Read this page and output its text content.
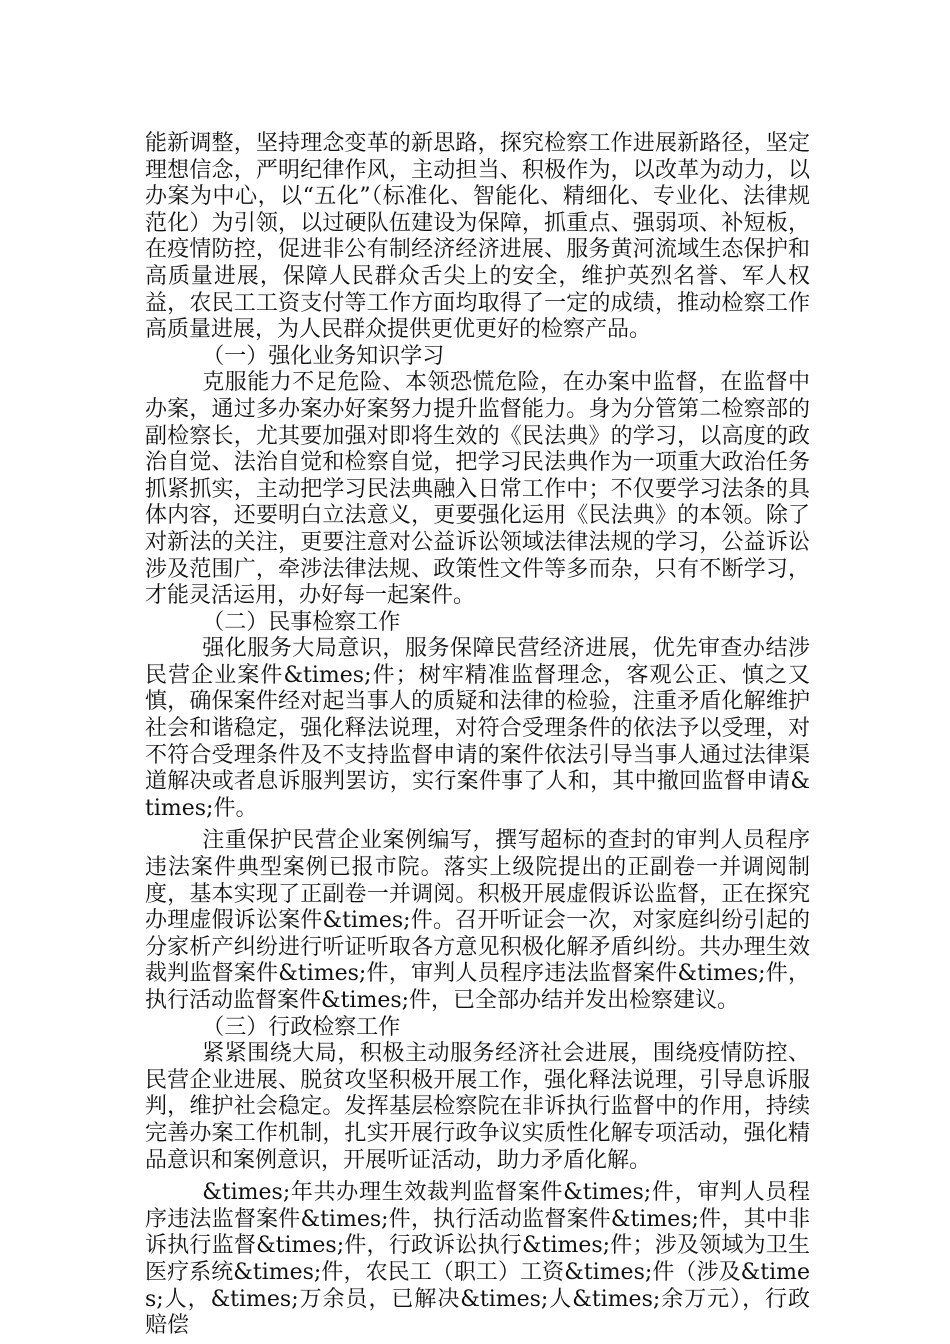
能新调整，坚持理念变革的新思路，探究检察工作进展新路径，坚定理想信念，严明纪律作风，主动担当、积极作为，以改革为动力，以办案为中心，以“五化”（标准化、智能化、精细化、专业化、法律规范化）为引领，以过硬队伍建设为保障，抓重点、强弱项、补短板，在疫情防控，促进非公有制经济经济进展、服务黄河流域生态保护和高质量进展，保障人民群众舌尖上的安全，维护英烈名誉、军人权益，农民工工资支付等工作方面均取得了一定的成绩，推动检察工作高质量进展，为人民群众提供更优更好的检察产品。

（一）强化业务知识学习

克服能力不足危险、本领恐慌危险，在办案中监督，在监督中办案，通过多办案办好案努力提升监督能力。身为分管第二检察部的副检察长，尤其要加强对即将生效的《民法典》的学习，以高度的政治自觉、法治自觉和检察自觉，把学习民法典作为一项重大政治任务抓紧抓实，主动把学习民法典融入日常工作中；不仅要学习法条的具体内容，还要明白立法意义，更要强化运用《民法典》的本领。除了对新法的关注，更要注意对公益诉讼领域法律法规的学习，公益诉讼涉及范围广，牵涉法律法规、政策性文件等多而杂，只有不断学习，才能灵活运用，办好每一起案件。

（二）民事检察工作

强化服务大局意识，服务保障民营经济进展，优先审查办结涉民营企业案件&times;件；树牢精准监督理念，客观公正、慎之又慎，确保案件经对起当事人的质疑和法律的检验，注重矛盾化解维护社会和谐稳定，强化释法说理，对符合受理条件的依法予以受理，对不符合受理条件及不支持监督申请的案件依法引导当事人通过法律渠道解决或者息诉服判罢访，实行案件事了人和，其中撤回监督申请&times;件。

注重保护民营企业案例编写，撰写超标的查封的审判人员程序违法案件典型案例已报市院。落实上级院提出的正副卷一并调阅制度，基本实现了正副卷一并调阅。积极开展虚假诉讼监督，正在探究办理虚假诉讼案件&times;件。召开听证会一次，对家庭纠纷引起的分家析产纠纷进行听证听取各方意见积极化解矛盾纠纷。共办理生效裁判监督案件&times;件，审判人员程序违法监督案件&times;件，执行活动监督案件&times;件，已全部办结并发出检察建议。

（三）行政检察工作

紧紧围绕大局，积极主动服务经济社会进展，围绕疫情防控、民营企业进展、脱贫攻坚积极开展工作，强化释法说理，引导息诉服判，维护社会稳定。发挥基层检察院在非诉执行监督中的作用，持续完善办案工作机制，扎实开展行政争议实质性化解专项活动，强化精品意识和案例意识，开展听证活动，助力矛盾化解。

&times;年共办理生效裁判监督案件&times;件，审判人员程序违法监督案件&times;件，执行活动监督案件&times;件，其中非诉执行监督&times;件，行政诉讼执行&times;件；涉及领域为卫生医疗系统&times;件，农民工（职工）工资&times;件（涉及&times;人，&times;万余员，已解决&times;人&times;余万元），行政赔偿
